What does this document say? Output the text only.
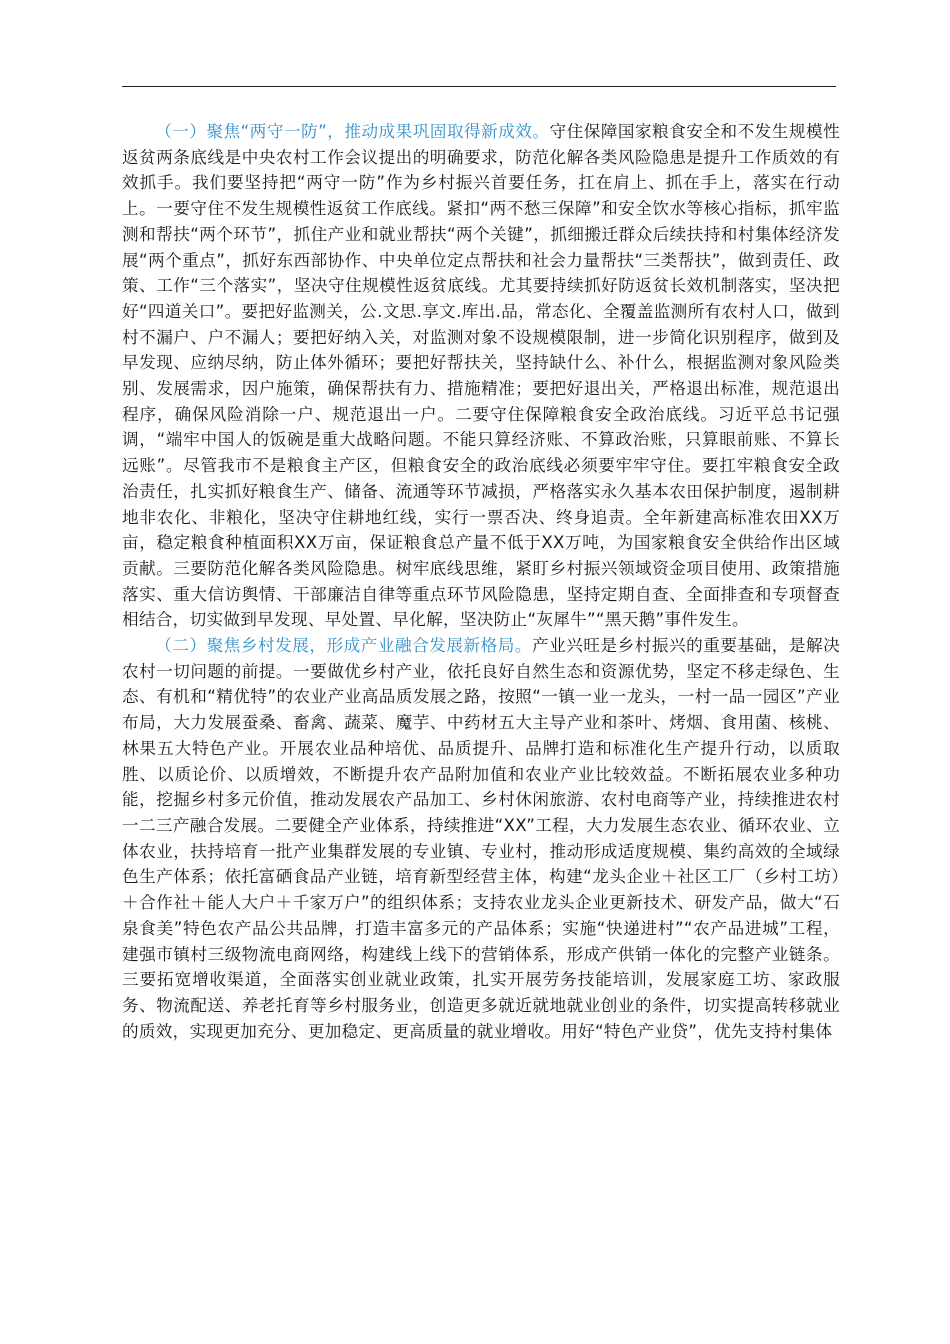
（一）聚焦“两守一防”，推动成果巩固取得新成效。守住保障国家粮食安全和不发生规模性返贫两条底线是中央农村工作会议提出的明确要求，防范化解各类风险隐患是提升工作质效的有效抓手。我们要坚持把“两守一防”作为乡村振兴首要任务，扛在肩上、抓在手上，落实在行动上。一要守住不发生规模性返贫工作底线。紧扣“两不愁三保障”和安全饮水等核心指标，抓牢监测和帮扶“两个环节”，抓住产业和就业帮扶“两个关键”，抓细搬迁群众后续扶持和村集体经济发展“两个重点”，抓好东西部协作、中央单位定点帮扶和社会力量帮扶“三类帮扶”，做到责任、政策、工作“三个落实”，坚决守住规模性返贫底线。尤其要持续抓好防返贫长效机制落实，坚决把好“四道关口”。要把好监测关，公.文思.享文.库出.品，常态化、全覆盖监测所有农村人口，做到村不漏户、户不漏人；要把好纳入关，对监测对象不设规模限制，进一步简化识别程序，做到及早发现、应纳尽纳，防止体外循环；要把好帮扶关，坚持缺什么、补什么，根据监测对象风险类别、发展需求，因户施策，确保帮扶有力、措施精准；要把好退出关，严格退出标准，规范退出程序，确保风险消除一户、规范退出一户。二要守住保障粮食安全政治底线。习近平总书记强调，“端牢中国人的饭碗是重大战略问题。不能只算经济账、不算政治账，只算眼前账、不算长远账”。尽管我市不是粮食主产区，但粮食安全的政治底线必须要牢牢守住。要扛牢粮食安全政治责任，扎实抓好粮食生产、储备、流通等环节减损，严格落实永久基本农田保护制度，遏制耕地非农化、非粮化，坚决守住耕地红线，实行一票否决、终身追责。全年新建高标准农田XX万亩，稳定粮食种植面积XX万亩，保证粮食总产量不低于XX万吨，为国家粮食安全供给作出区域贡献。三要防范化解各类风险隐患。树牢底线思维，紧盯乡村振兴领域资金项目使用、政策措施落实、重大信访舆情、干部廉洁自律等重点环节风险隐患，坚持定期自查、全面排查和专项督查相结合，切实做到早发现、早处置、早化解，坚决防止“灰犀牛”“黑天鹅”事件发生。

（二）聚焦乡村发展，形成产业融合发展新格局。产业兴旺是乡村振兴的重要基础，是解决农村一切问题的前提。一要做优乡村产业，依托良好自然生态和资源优势，坚定不移走绿色、生态、有机和“精优特”的农业产业高品质发展之路，按照“一镇一业一龙头，一村一品一园区”产业布局，大力发展蚕桑、畜禽、蔬菜、魔芋、中药材五大主导产业和茶叶、烤烟、食用菌、核桃、林果五大特色产业。开展农业品种培优、品质提升、品牌打造和标准化生产提升行动，以质取胜、以质论价、以质增效，不断提升农产品附加值和农业产业比较效益。不断拓展农业多种功能，挖掘乡村多元价值，推动发展农产品加工、乡村休闲旅游、农村电商等产业，持续推进农村一二三产融合发展。二要健全产业体系，持续推进“XX”工程，大力发展生态农业、循环农业、立体农业，扶持培育一批产业集群发展的专业镇、专业村，推动形成适度规模、集约高效的全域绿色生产体系；依托富硒食品产业链，培育新型经营主体，构建“龙头企业＋社区工厂（乡村工坊）＋合作社＋能人大户＋千家万户”的组织体系；支持农业龙头企业更新技术、研发产品，做大“石泉食美”特色农产品公共品牌，打造丰富多元的产品体系；实施“快递进村”“农产品进城”工程，建强市镇村三级物流电商网络，构建线上线下的营销体系，形成产供销一体化的完整产业链条。三要拓宽增收渠道，全面落实创业就业政策，扎实开展劳务技能培训，发展家庭工坊、家政服务、物流配送、养老托育等乡村服务业，创造更多就近就地就业创业的条件，切实提高转移就业的质效，实现更加充分、更加稳定、更高质量的就业增收。用好“特色产业贷”，优先支持村集体
